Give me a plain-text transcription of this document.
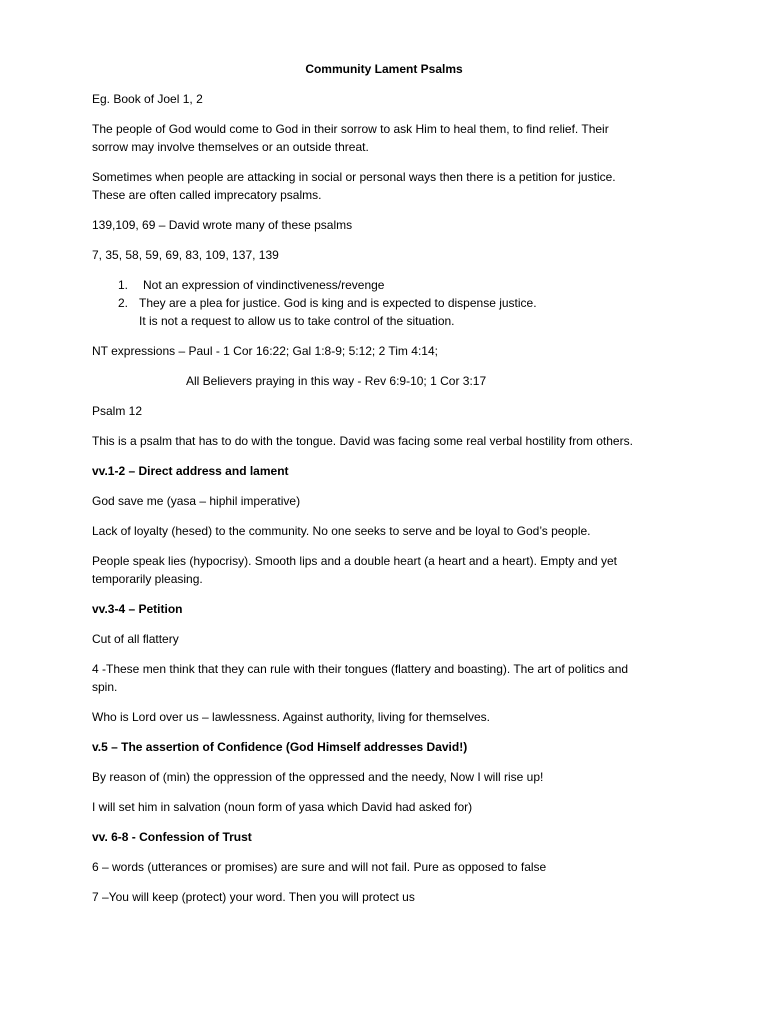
Community Lament Psalms

Eg. Book of Joel 1, 2

The people of God would come to God in their sorrow to ask Him to heal them, to find relief. Their

sorrow may involve themselves or an outside threat.

Sometimes when people are attacking in social or personal ways then there is a petition for justice.

These are often called imprecatory psalms.

139,109, 69 – David wrote many of these psalms

7, 35, 58, 59, 69, 83, 109, 137, 139

1. Not an expression of vindinctiveness/revenge
2. They are a plea for justice. God is king and is expected to dispense justice.
It is not a request to allow us to take control of the situation.

NT expressions – Paul - 1 Cor 16:22; Gal 1:8-9; 5:12; 2 Tim 4:14;

All Believers praying in this way - Rev 6:9-10; 1 Cor 3:17

Psalm 12

This is a psalm that has to do with the tongue. David was facing some real verbal hostility from others.

vv.1-2 – Direct address and lament

God save me (yasa – hiphil imperative)

Lack of loyalty (hesed) to the community. No one seeks to serve and be loyal to God’s people.

People speak lies (hypocrisy). Smooth lips and a double heart (a heart and a heart). Empty and yet

temporarily pleasing.

vv.3-4 – Petition

Cut of all flattery

4 -These men think that they can rule with their tongues (flattery and boasting). The art of politics and

spin.

Who is Lord over us – lawlessness. Against authority, living for themselves.

v.5 – The assertion of Confidence (God Himself addresses David!)

By reason of (min) the oppression of the oppressed and the needy, Now I will rise up!

I will set him in salvation (noun form of yasa which David had asked for)

vv. 6-8 - Confession of Trust

6 – words (utterances or promises) are sure and will not fail. Pure as opposed to false

7 –You will keep (protect) your word. Then you will protect us
